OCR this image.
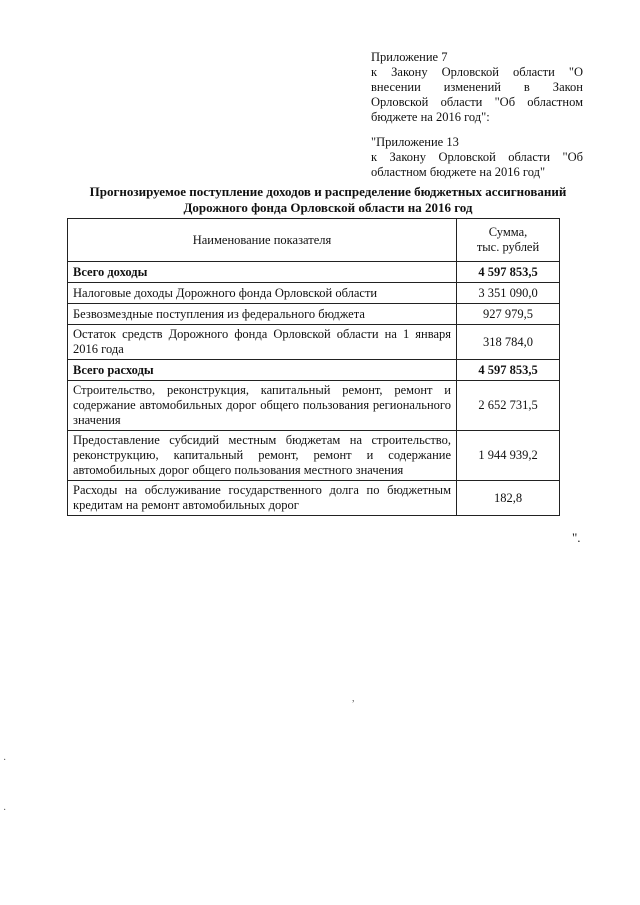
Приложение 7
к Закону Орловской области "О
внесении изменений в Закон
Орловской области "Об областном
бюджете на 2016 год":
"Приложение 13
к Закону Орловской области "Об
областном бюджете на 2016 год"
Прогнозируемое поступление доходов и распределение бюджетных ассигнований
Дорожного фонда Орловской области на 2016 год
Наименование показателя	Сумма,
тыс. рублей

Всего доходы	4 597 853,5
Налоговые доходы Дорожного фонда Орловской области	3 351 090,0
Безвозмездные поступления из федерального бюджета	927 979,5
Остаток средств Дорожного фонда Орловской области на 1 января 2016 года	318 784,0
Всего расходы	4 597 853,5
Строительство, реконструкция, капитальный ремонт, ремонт и содержание автомобильных дорог общего пользования регионального значения	2 652 731,5
Предоставление субсидий местным бюджетам на строительство, реконструкцию, капитальный ремонт, ремонт и содержание автомобильных дорог общего пользования местного значения	1 944 939,2
Расходы на обслуживание государственного долга по бюджетным кредитам на ремонт автомобильных дорог	182,8
".
,
·
·
